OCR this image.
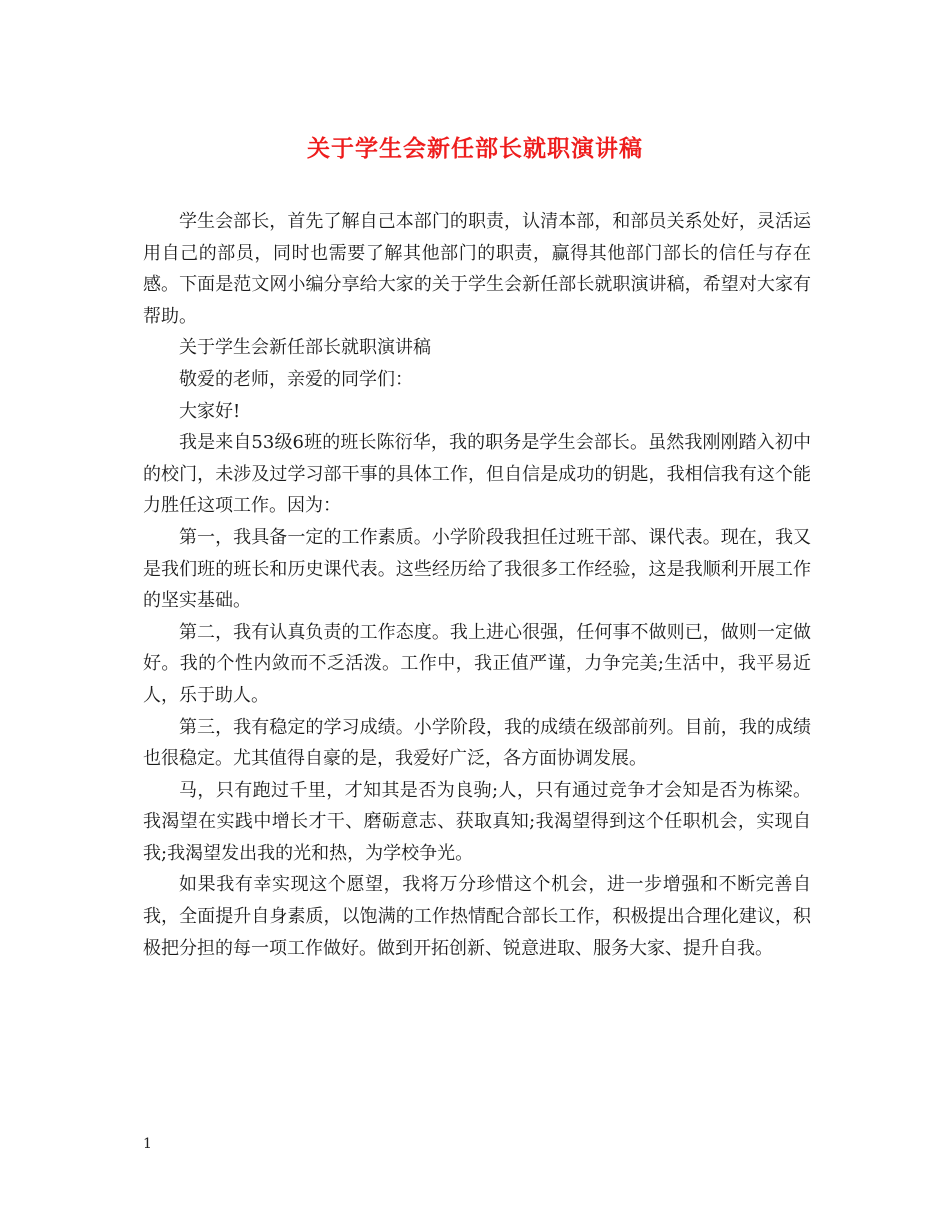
关于学生会新任部长就职演讲稿

学生会部长，首先了解自己本部门的职责，认清本部，和部员关系处好，灵活运用自己的部员，同时也需要了解其他部门的职责，赢得其他部门部长的信任与存在感。下面是范文网小编分享给大家的关于学生会新任部长就职演讲稿，希望对大家有帮助。

关于学生会新任部长就职演讲稿

敬爱的老师，亲爱的同学们：

大家好!

我是来自53级6班的班长陈衍华，我的职务是学生会部长。虽然我刚刚踏入初中的校门，未涉及过学习部干事的具体工作，但自信是成功的钥匙，我相信我有这个能力胜任这项工作。因为：

第一，我具备一定的工作素质。小学阶段我担任过班干部、课代表。现在，我又是我们班的班长和历史课代表。这些经历给了我很多工作经验，这是我顺利开展工作的坚实基础。

第二，我有认真负责的工作态度。我上进心很强，任何事不做则已，做则一定做好。我的个性内敛而不乏活泼。工作中，我正值严谨，力争完美;生活中，我平易近人，乐于助人。

第三，我有稳定的学习成绩。小学阶段，我的成绩在级部前列。目前，我的成绩也很稳定。尤其值得自豪的是，我爱好广泛，各方面协调发展。

马，只有跑过千里，才知其是否为良驹;人，只有通过竞争才会知是否为栋梁。我渴望在实践中增长才干、磨砺意志、获取真知;我渴望得到这个任职机会，实现自我;我渴望发出我的光和热，为学校争光。

如果我有幸实现这个愿望，我将万分珍惜这个机会，进一步增强和不断完善自我，全面提升自身素质，以饱满的工作热情配合部长工作，积极提出合理化建议，积极把分担的每一项工作做好。做到开拓创新、锐意进取、服务大家、提升自我。

1
